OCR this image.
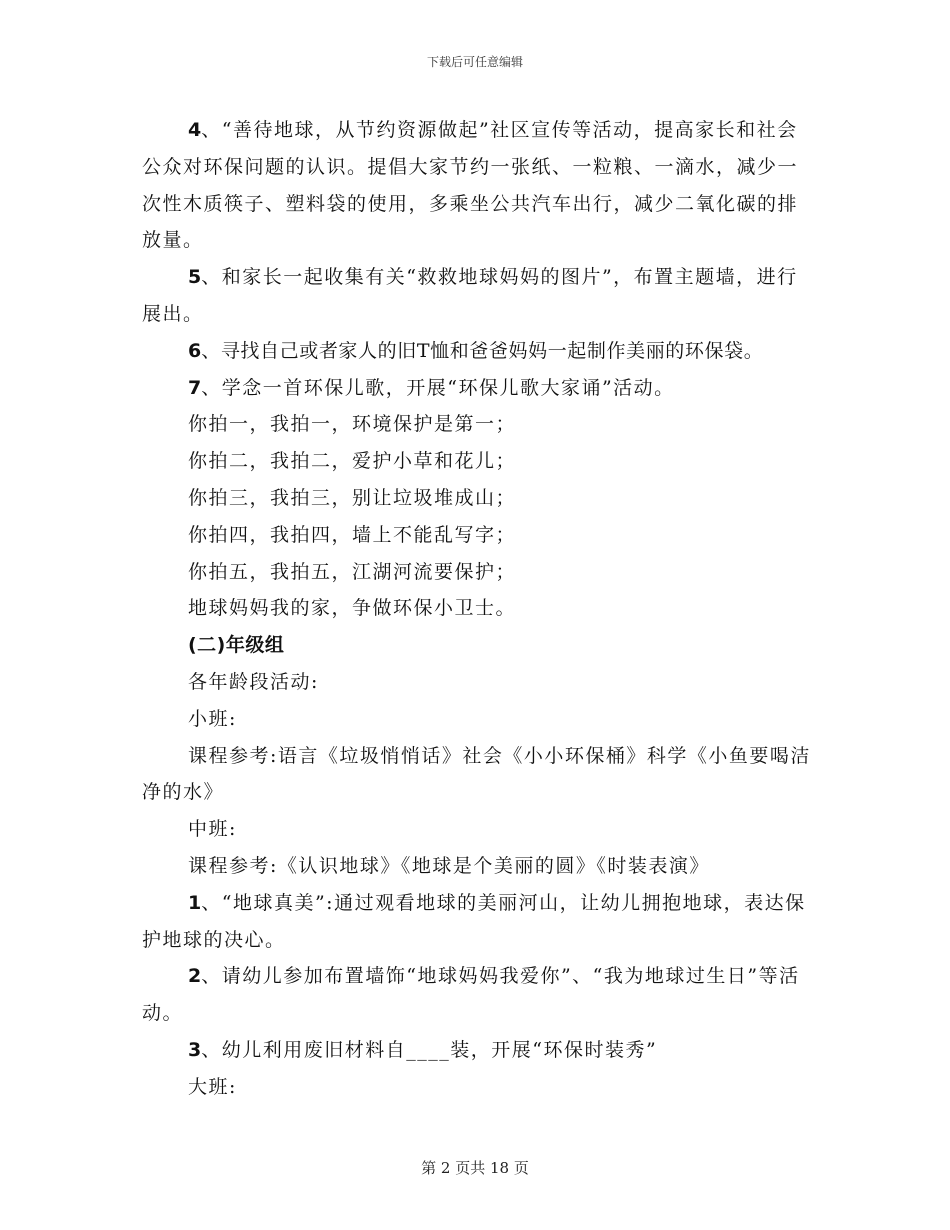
下载后可任意编辑

4、“善待地球，从节约资源做起”社区宣传等活动，提高家长和社会公众对环保问题的认识。提倡大家节约一张纸、一粒粮、一滴水，减少一次性木质筷子、塑料袋的使用，多乘坐公共汽车出行，减少二氧化碳的排放量。

5、和家长一起收集有关“救救地球妈妈的图片”，布置主题墙，进行展出。

6、寻找自己或者家人的旧T恤和爸爸妈妈一起制作美丽的环保袋。

7、学念一首环保儿歌，开展“环保儿歌大家诵”活动。

你拍一，我拍一，环境保护是第一；

你拍二，我拍二，爱护小草和花儿；

你拍三，我拍三，别让垃圾堆成山；

你拍四，我拍四，墙上不能乱写字；

你拍五，我拍五，江湖河流要保护；

地球妈妈我的家，争做环保小卫士。

(二)年级组

各年龄段活动:

小班:

课程参考:语言《垃圾悄悄话》社会《小小环保桶》科学《小鱼要喝洁净的水》

中班:

课程参考:《认识地球》《地球是个美丽的圆》《时装表演》

1、“地球真美”:通过观看地球的美丽河山，让幼儿拥抱地球，表达保护地球的决心。

2、请幼儿参加布置墙饰“地球妈妈我爱你”、“我为地球过生日”等活动。

3、幼儿利用废旧材料自____装，开展“环保时装秀”

大班:

第 2 页共 18 页
